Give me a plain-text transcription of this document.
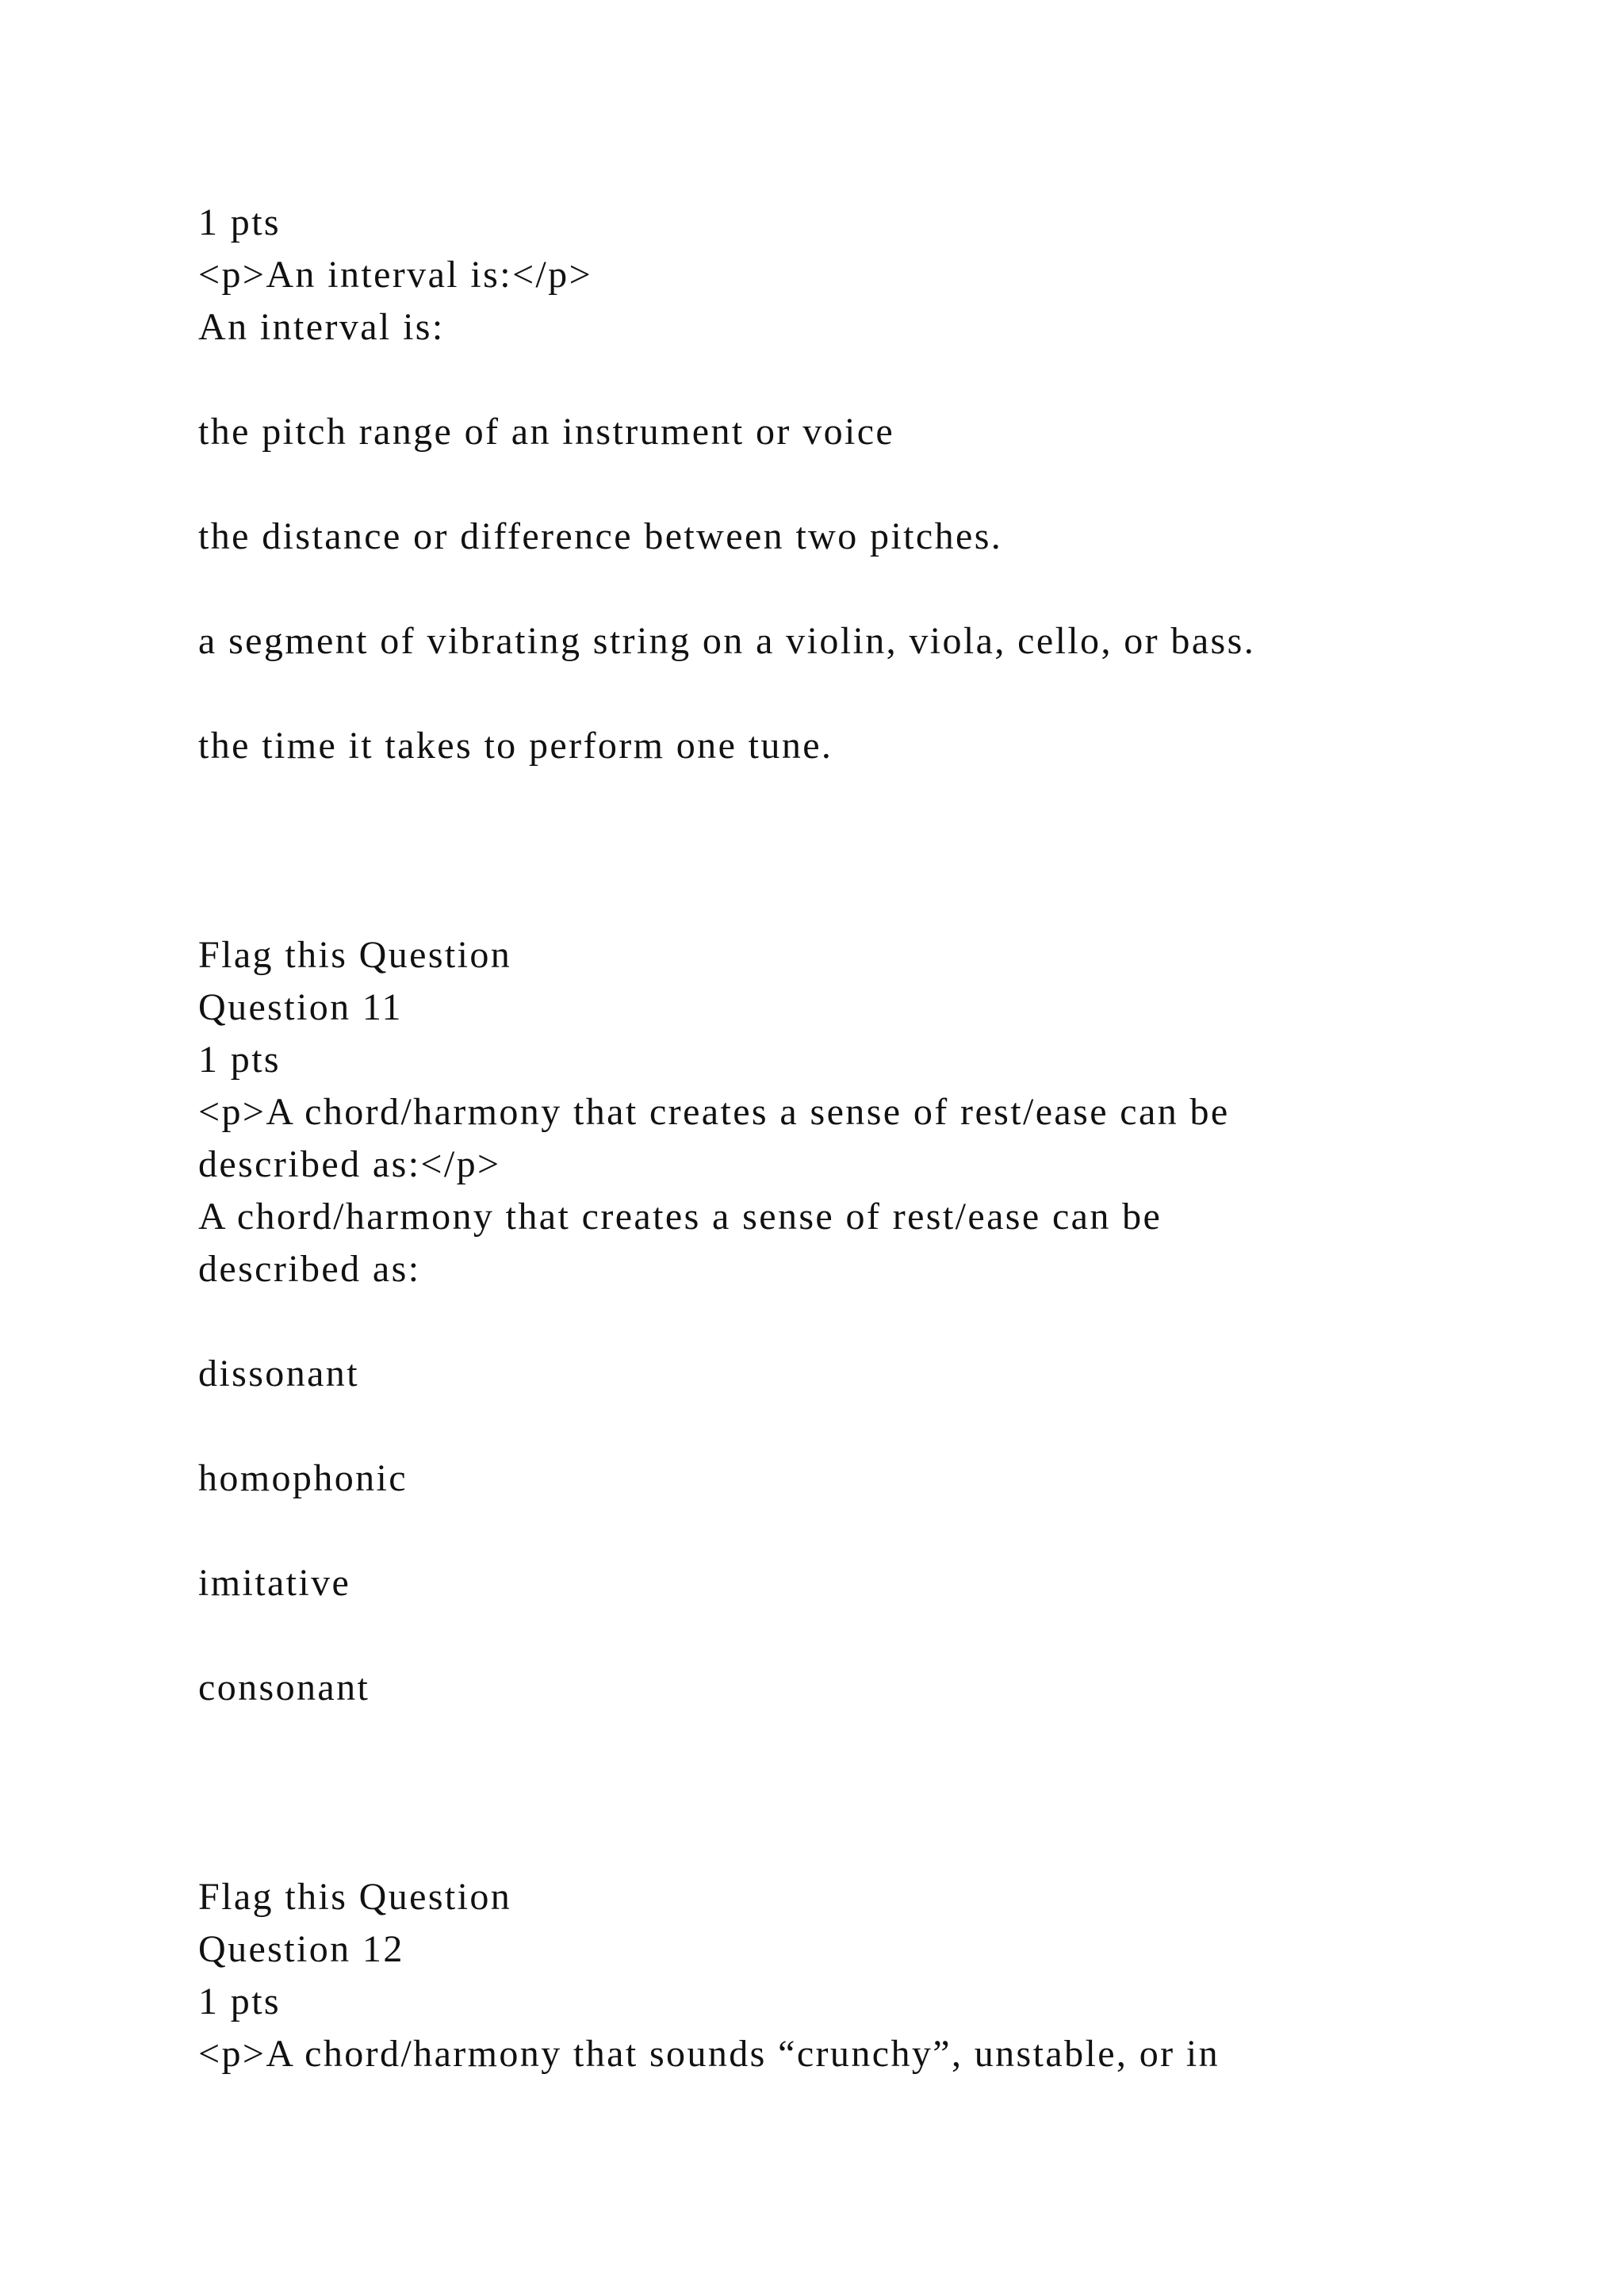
1 pts
<p>An interval is:</p>
An interval is:
the pitch range of an instrument or voice
the distance or difference between two pitches.
a segment of vibrating string on a violin, viola, cello, or bass.
the time it takes to perform one tune.
Flag this Question
Question 11
1 pts
<p>A chord/harmony that creates a sense of rest/ease can be
described as:</p>
A chord/harmony that creates a sense of rest/ease can be
described as:
dissonant
homophonic
imitative
consonant
Flag this Question
Question 12
1 pts
<p>A chord/harmony that sounds “crunchy”, unstable, or in
